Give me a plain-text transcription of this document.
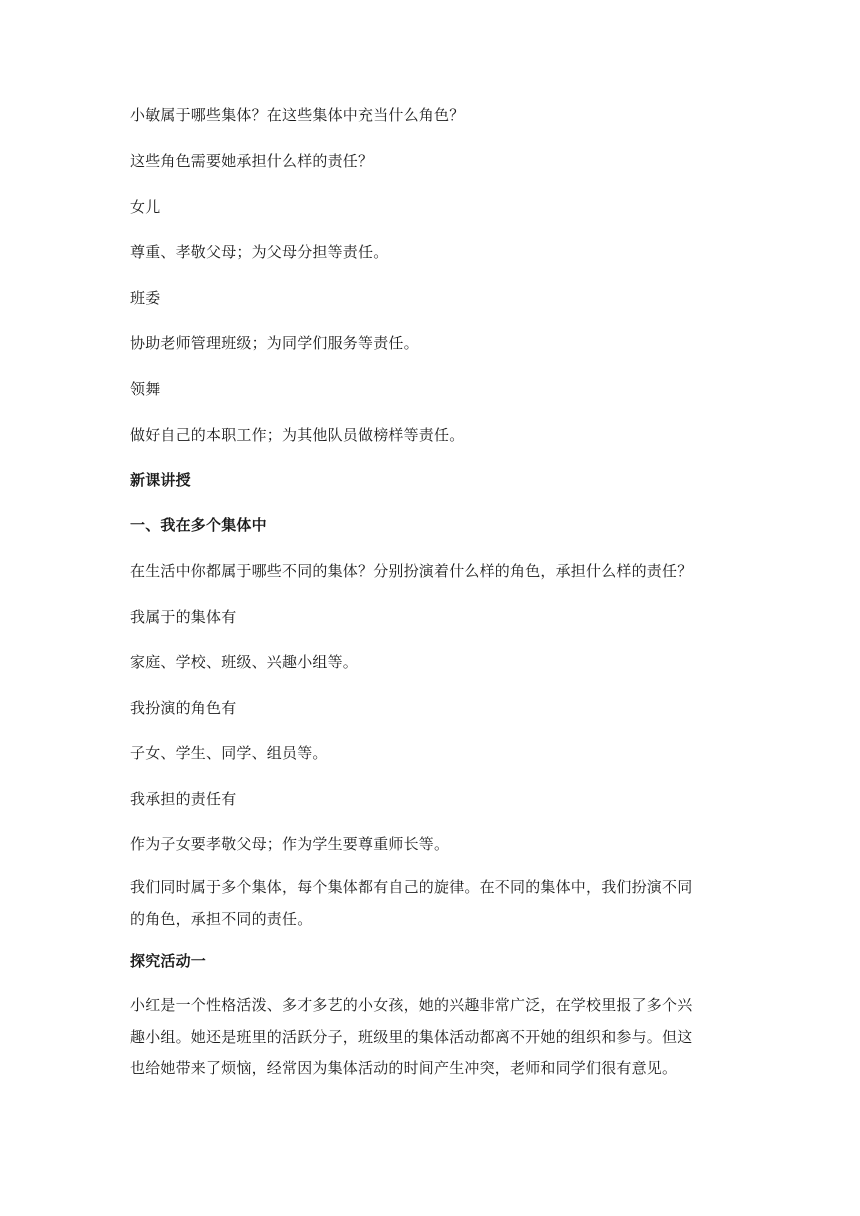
小敏属于哪些集体？在这些集体中充当什么角色？

这些角色需要她承担什么样的责任？

女儿

尊重、孝敬父母；为父母分担等责任。

班委

协助老师管理班级；为同学们服务等责任。

领舞

做好自己的本职工作；为其他队员做榜样等责任。

新课讲授

一、我在多个集体中

在生活中你都属于哪些不同的集体？分别扮演着什么样的角色，承担什么样的责任？

我属于的集体有

家庭、学校、班级、兴趣小组等。

我扮演的角色有

子女、学生、同学、组员等。

我承担的责任有

作为子女要孝敬父母；作为学生要尊重师长等。

我们同时属于多个集体，每个集体都有自己的旋律。在不同的集体中，我们扮演不同
的角色，承担不同的责任。

探究活动一

小红是一个性格活泼、多才多艺的小女孩，她的兴趣非常广泛，在学校里报了多个兴
趣小组。她还是班里的活跃分子，班级里的集体活动都离不开她的组织和参与。但这
也给她带来了烦恼，经常因为集体活动的时间产生冲突，老师和同学们很有意见。
